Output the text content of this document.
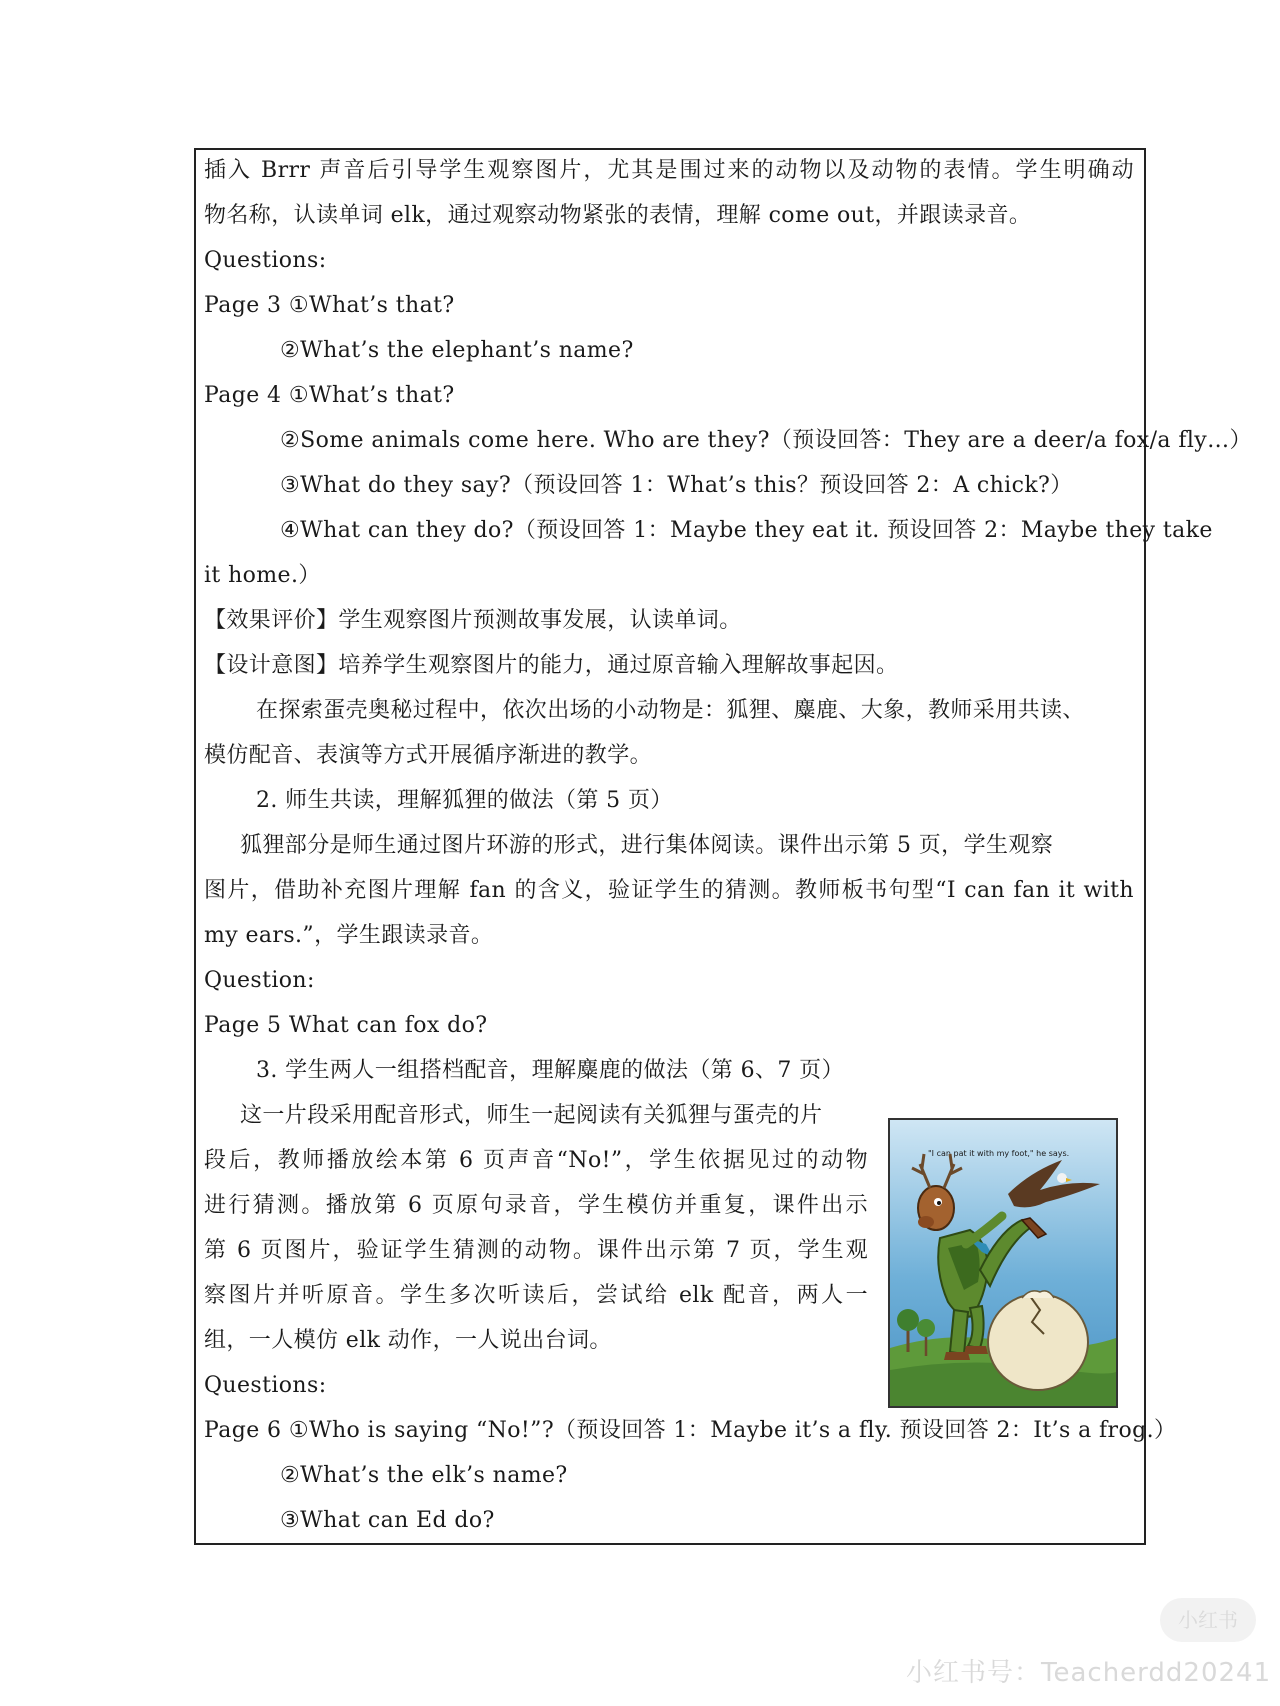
插入 Brrr 声音后引导学生观察图片，尤其是围过来的动物以及动物的表情。学生明确动
物名称，认读单词 elk，通过观察动物紧张的表情，理解 come out，并跟读录音。
Questions:
Page 3 ①What’s that?
②What’s the elephant’s name?
Page 4 ①What’s that?
②Some animals come here. Who are they?（预设回答：They are a deer/a fox/a fly…）
③What do they say?（预设回答 1：What’s this？预设回答 2：A chick?）
④What can they do?（预设回答 1：Maybe they eat it. 预设回答 2：Maybe they take
it home.）
【效果评价】学生观察图片预测故事发展，认读单词。
【设计意图】培养学生观察图片的能力，通过原音输入理解故事起因。
在探索蛋壳奥秘过程中，依次出场的小动物是：狐狸、麋鹿、大象，教师采用共读、
模仿配音、表演等方式开展循序渐进的教学。
2. 师生共读，理解狐狸的做法（第 5 页）
狐狸部分是师生通过图片环游的形式，进行集体阅读。课件出示第 5 页，学生观察
图片，借助补充图片理解 fan 的含义，验证学生的猜测。教师板书句型“I can fan it with
my ears.”，学生跟读录音。
Question:
Page 5 What can fox do?
3. 学生两人一组搭档配音，理解麋鹿的做法（第 6、7 页）
这一片段采用配音形式，师生一起阅读有关狐狸与蛋壳的片
段后，教师播放绘本第 6 页声音“No!”，学生依据见过的动物
进行猜测。播放第 6 页原句录音，学生模仿并重复，课件出示
第 6 页图片，验证学生猜测的动物。课件出示第 7 页，学生观
察图片并听原音。学生多次听读后，尝试给 elk 配音，两人一
组，一人模仿 elk 动作，一人说出台词。
Questions:
Page 6 ①Who is saying “No!”?（预设回答 1：Maybe it’s a fly. 预设回答 2：It’s a frog.）
②What’s the elk’s name?
③What can Ed do?
"I can pat it with my foot," he says.
小红书
小红书号：Teacherdd20241
